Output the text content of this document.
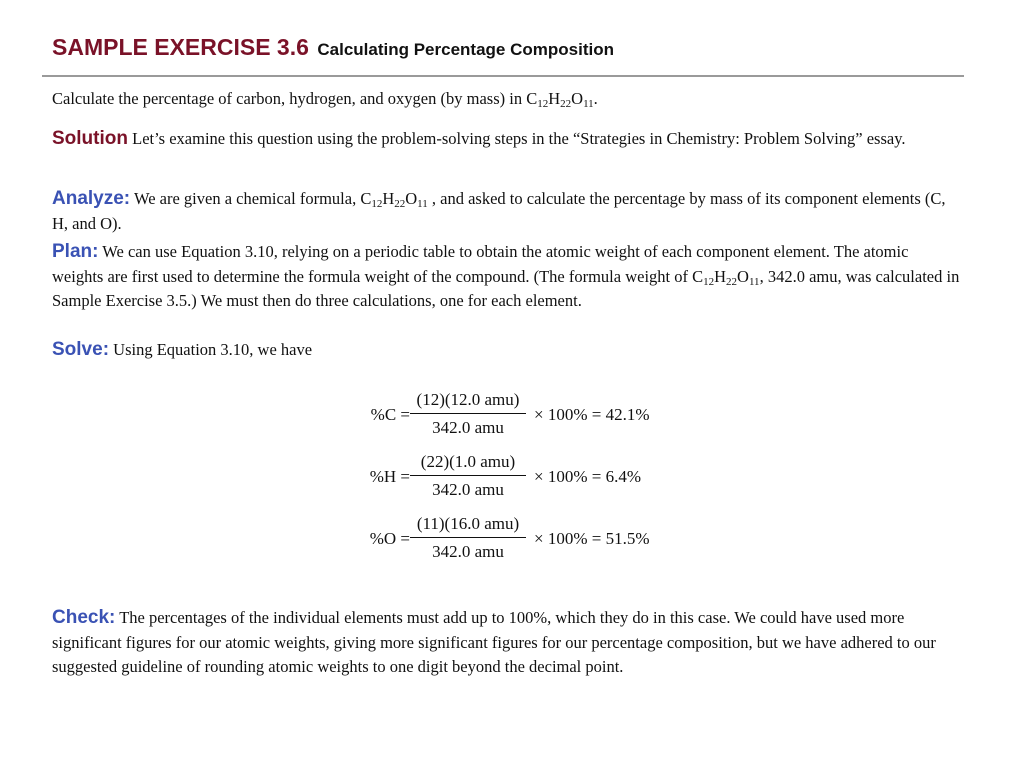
SAMPLE EXERCISE 3.6 Calculating Percentage Composition
Calculate the percentage of carbon, hydrogen, and oxygen (by mass) in $C_{12}H_{22}O_{11}$.
Solution Let’s examine this question using the problem-solving steps in the “Strategies in Chemistry: Problem Solving” essay.
Analyze: We are given a chemical formula, $C_{12}H_{22}O_{11}$ , and asked to calculate the percentage by mass of its component elements (C, H, and O).
Plan: We can use Equation 3.10, relying on a periodic table to obtain the atomic weight of each component element. The atomic weights are first used to determine the formula weight of the compound. (The formula weight of $C_{12}H_{22}O_{11}$, 342.0 amu, was calculated in Sample Exercise 3.5.) We must then do three calculations, one for each element.
Solve: Using Equation 3.10, we have
%C =
(12)(12.0 amu)
342.0 amu
× 100% = 42.1%
%H =
(22)(1.0 amu)
342.0 amu
× 100% = 6.4%
%O =
(11)(16.0 amu)
342.0 amu
× 100% = 51.5%
Check: The percentages of the individual elements must add up to 100%, which they do in this case. We could have used more significant figures for our atomic weights, giving more significant figures for our percentage composition, but we have adhered to our suggested guideline of rounding atomic weights to one digit beyond the decimal point.
